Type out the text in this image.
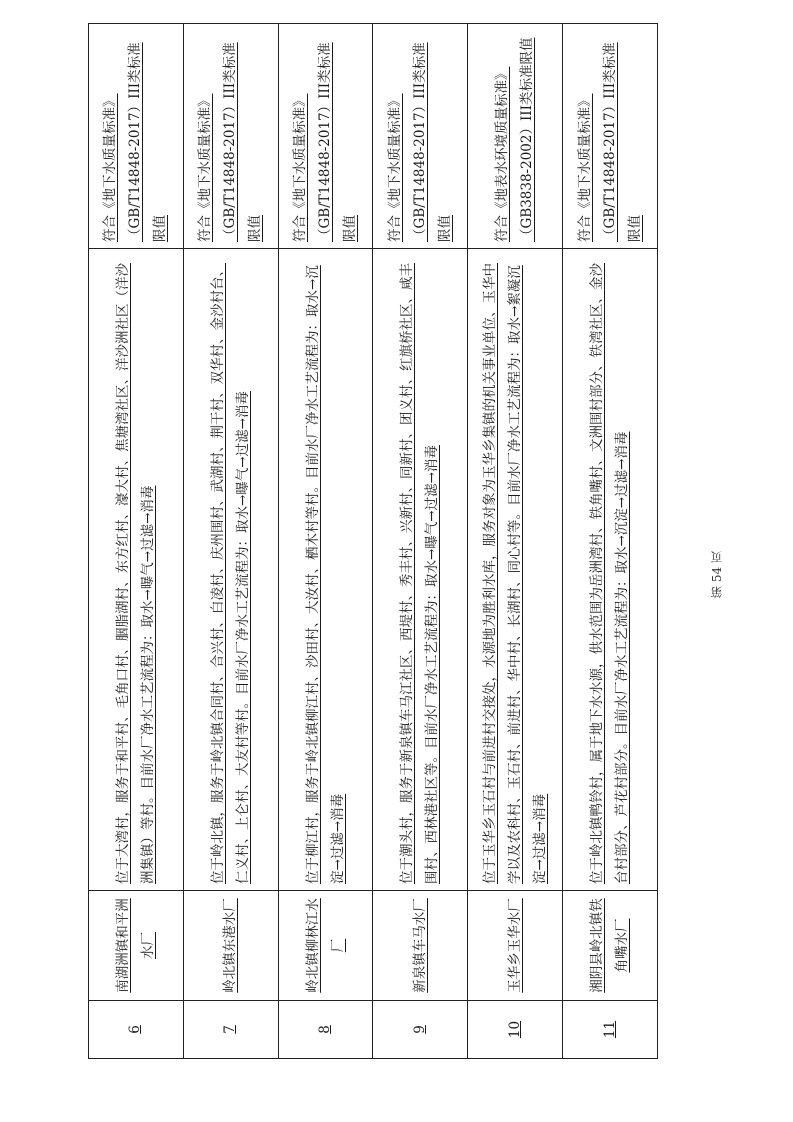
6	南湖洲镇和平洲水厂	位于大湾村，服务于和平村、毛角口村、胭脂湖村、东方红村、濠大村、焦塘湾社区、洋沙洲社区（洋沙洲集镇）等村。目前水厂净水工艺流程为：取水→曝气→过滤→消毒	符合《地下水质量标准》（GB/T14848-2017）III类标准限值
7	岭北镇东港水厂	位于岭北镇，服务于岭北镇合同村、合兴村、白凌村、庆州围村、武湖村、荆干村、双华村、金沙村台、仁义村、上仑村、大友村等村。目前水厂净水工艺流程为：取水→曝气→过滤→消毒	符合《地下水质量标准》（GB/T14848-2017）III类标准限值
8	岭北镇柳林江水厂	位于柳江村，服务于岭北镇柳江村、沙田村、大汝村、栖木村等村。目前水厂净水工艺流程为：取水→沉淀→过滤→消毒	符合《地下水质量标准》（GB/T14848-2017）III类标准限值
9	新泉镇车马水厂	位于潮头村，服务于新泉镇车马江社区、西堤村、秀丰村、兴新村、同新村、团义村、红旗桥社区、咸丰围村、西林港社区等。目前水厂净水工艺流程为：取水→曝气→过滤→消毒	符合《地下水质量标准》（GB/T14848-2017）III类标准限值
10	玉华乡玉华水厂	位于玉华乡玉石村与前进村交接处，水源地为胜利水库，服务对象为玉华乡集镇的机关事业单位、玉华中学以及农科村、玉石村、前进村、华中村、长湖村、同心村等。目前水厂净水工艺流程为：取水→絮凝沉淀→过滤→消毒	符合《地表水环境质量标准》（GB3838-2002）III类标准限值
11	湘阴县岭北镇铁角嘴水厂	位于岭北镇鸭铃村，属于地下水水源，供水范围为岳洲湾村、铁角嘴村、文洲围村部分、铁湾社区、金沙台村部分、芦花村部分。目前水厂净水工艺流程为：取水→沉淀→过滤→消毒	符合《地下水质量标准》（GB/T14848-2017）III类标准限值
第 54 页
